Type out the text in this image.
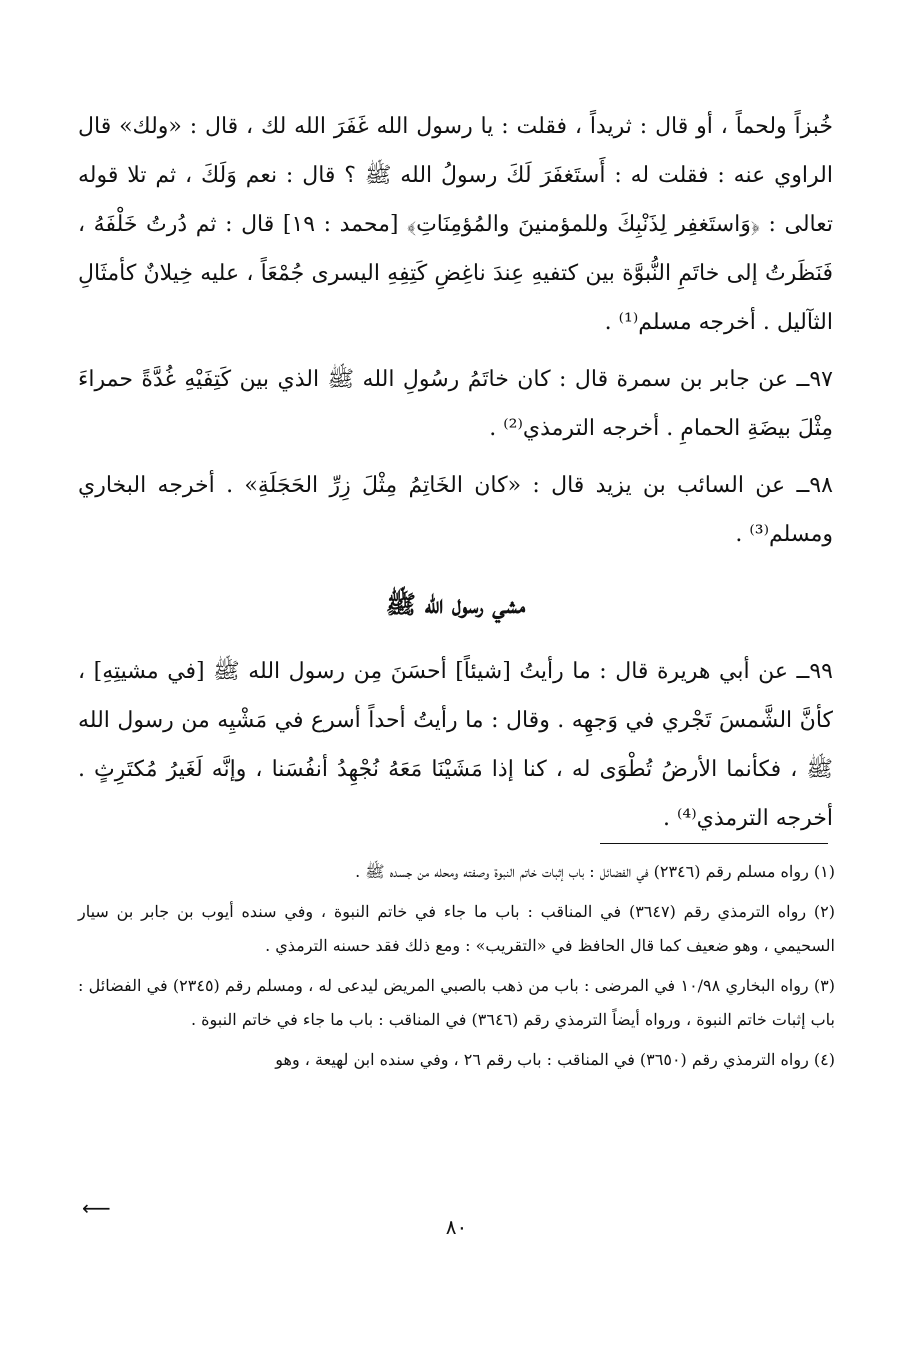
خُبزاً ولحماً ، أو قال : ثريداً ، فقلت : يا رسول الله غَفَرَ الله لك ، قال : «ولك» قال الراوي عنه : فقلت له : أَستَغفَرَ لَكَ رسولُ الله ﷺ ؟ قال : نعم وَلَكَ ، ثم تلا قوله تعالى : ﴿وَاستَغفِر لِذَنْبِكَ وللمؤمنينَ والمُؤمِنَاتِ﴾ [محمد : ١٩] قال : ثم دُرتُ خَلْفَهُ ، فَنَظَرتُ إلى خاتَمِ النُّبوَّة بين كتفيهِ عِندَ ناغِضِ كَتِفِهِ اليسرى جُمْعَاً ، عليه خِيلانٌ كأمثَالِ الثآليل . أخرجه مسلم⁽¹⁾ .

٩٧ــ عن جابر بن سمرة قال : كان خاتَمُ رسُولِ الله ﷺ الذي بين كَتِفَيْهِ غُدَّةً حمراءَ مِثْلَ بيضَةِ الحمامِ . أخرجه الترمذي⁽²⁾ .

٩٨ــ عن السائب بن يزيد قال : «كان الخَاتِمُ مِثْلَ زِرِّ الحَجَلَةِ» . أخرجه البخاري ومسلم⁽³⁾ .

مشي رسول الله ﷺ

٩٩ــ عن أبي هريرة قال : ما رأيتُ [شيئاً] أحسَنَ مِن رسول الله ﷺ [في مشيتِهِ] ، كأنَّ الشَّمسَ تَجْري في وَجهِه . وقال : ما رأيتُ أحداً أسرع في مَشْيِه من رسول الله ﷺ ، فكأنما الأرضُ تُطْوَى له ، كنا إذا مَشَيْنَا مَعَهُ نُجْهِدُ أنفُسَنا ، وإنَّه لَغَيرُ مُكتَرِثٍ . أخرجه الترمذي⁽⁴⁾ .

(١) رواه مسلم رقم (٢٣٤٦) في الفضائل : باب إثبات خاتم النبوة وصفته ومحله من جسده ﷺ .

(٢) رواه الترمذي رقم (٣٦٤٧) في المناقب : باب ما جاء في خاتم النبوة ، وفي سنده أيوب بن جابر بن سيار السحيمي ، وهو ضعيف كما قال الحافظ في «التقريب» : ومع ذلك فقد حسنه الترمذي .

(٣) رواه البخاري ١٠/٩٨ في المرضى : باب من ذهب بالصبي المريض ليدعى له ، ومسلم رقم (٢٣٤٥) في الفضائل : باب إثبات خاتم النبوة ، ورواه أيضاً الترمذي رقم (٣٦٤٦) في المناقب : باب ما جاء في خاتم النبوة .

(٤) رواه الترمذي رقم (٣٦٥٠) في المناقب : باب رقم ٢٦ ، وفي سنده ابن لهيعة ، وهو

⟵
٨٠
